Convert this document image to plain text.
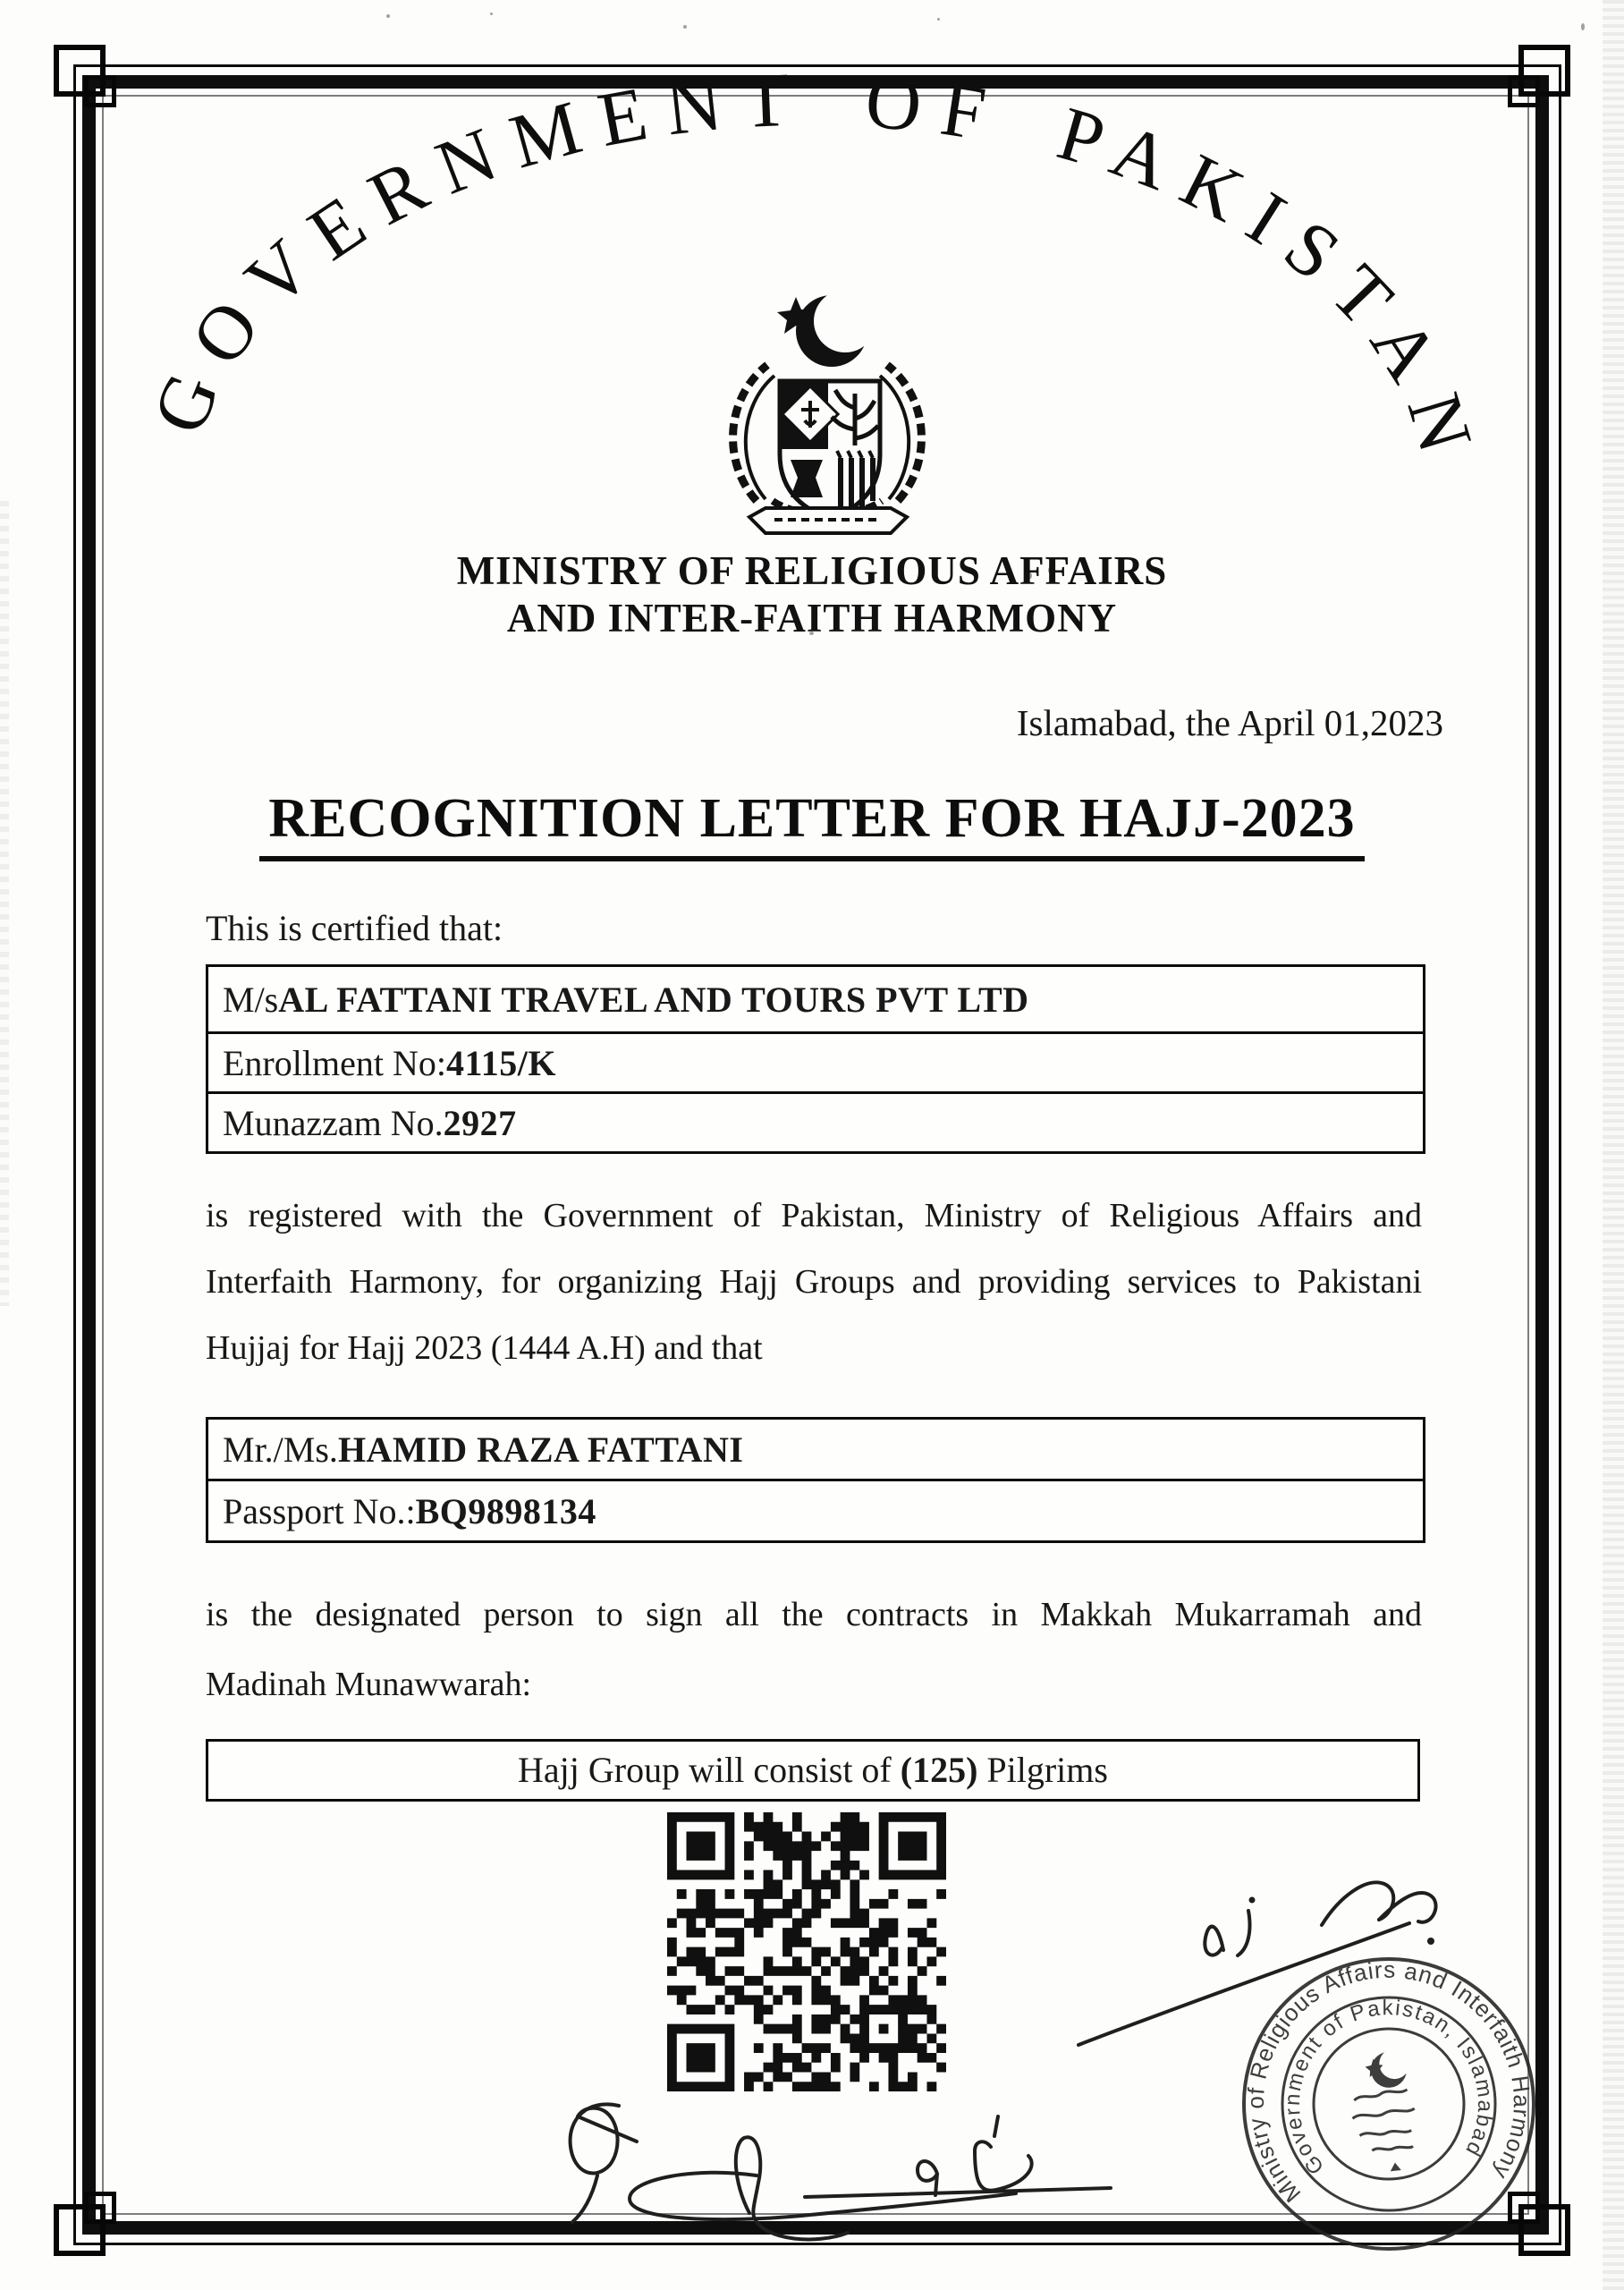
GOVERNMENT OF PAKISTAN
MINISTRY OF RELIGIOUS AFFAIRS
AND INTER-FAITH HARMONY
Islamabad, the April 01,2023
RECOGNITION LETTER FOR HAJJ-2023
This is certified that:
M/s AL FATTANI TRAVEL AND TOURS PVT LTD
Enrollment No: 4115/K
Munazzam No. 2927
is registered with the Government of Pakistan, Ministry of Religious Affairs and
Interfaith Harmony, for organizing Hajj Groups and providing services to Pakistani
Hujjaj for Hajj 2023 (1444 A.H) and that
Mr./Ms. HAMID RAZA FATTANI
Passport No.: BQ9898134
is the designated person to sign all the contracts in Makkah Mukarramah and
Madinah Munawwarah:
Hajj Group will consist of (125) Pilgrims
Ministry of Religious Affairs and Interfaith Harmony
Government of Pakistan, Islamabad
